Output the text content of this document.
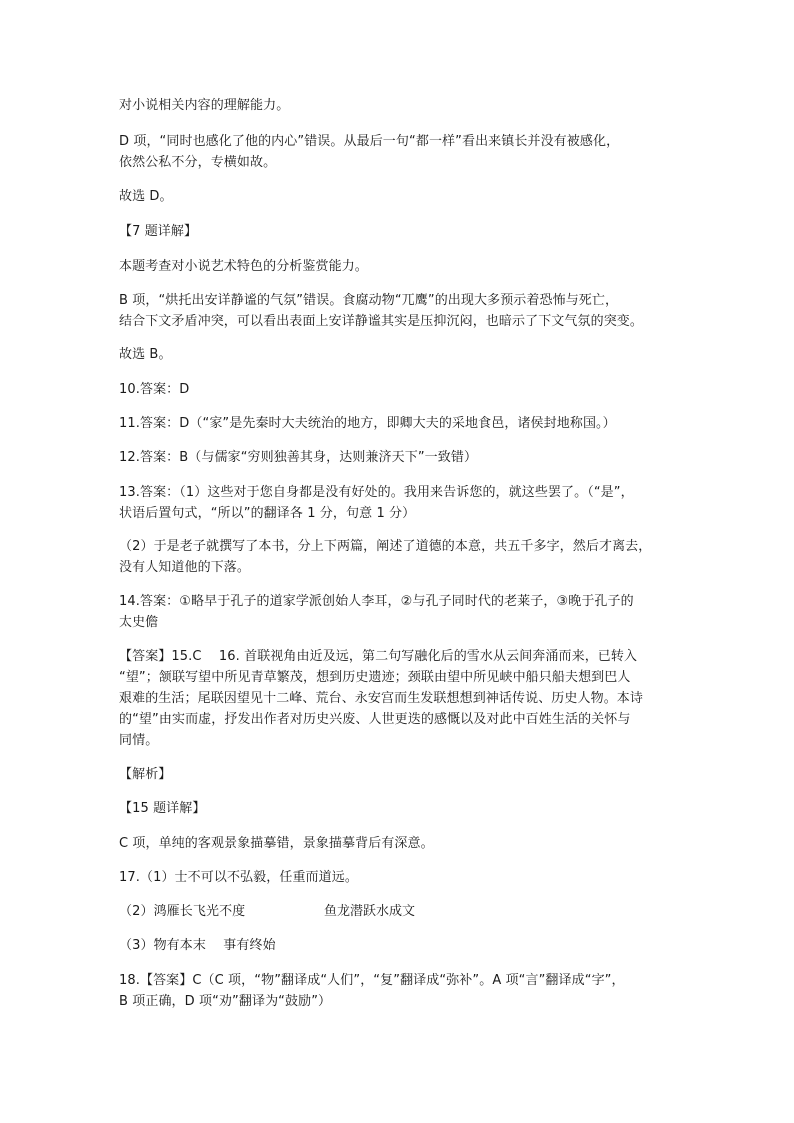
对小说相关内容的理解能力。

D 项，“同时也感化了他的内心”错误。从最后一句“都一样”看出来镇长并没有被感化，

依然公私不分，专横如故。

故选 D。

【7 题详解】

本题考查对小说艺术特色的分析鉴赏能力。

B 项，“烘托出安详静谧的气氛”错误。食腐动物“兀鹰”的出现大多预示着恐怖与死亡，

结合下文矛盾冲突，可以看出表面上安详静谧其实是压抑沉闷，也暗示了下文气氛的突变。

故选 B。

10.答案：D

11.答案：D（“家”是先秦时大夫统治的地方，即卿大夫的采地食邑，诸侯封地称国。）

12.答案：B（与儒家“穷则独善其身，达则兼济天下”一致错）

13.答案：（1）这些对于您自身都是没有好处的。我用来告诉您的，就这些罢了。（“是”，

状语后置句式，“所以”的翻译各 1 分，句意 1 分）

（2）于是老子就撰写了本书，分上下两篇，阐述了道德的本意，共五千多字，然后才离去，

没有人知道他的下落。

14.答案：①略早于孔子的道家学派创始人李耳，②与孔子同时代的老莱子，③晚于孔子的

太史儋

【答案】15.C　 16. 首联视角由近及远，第二句写融化后的雪水从云间奔涌而来，已转入

“望”；颔联写望中所见青草繁茂，想到历史遗迹；颈联由望中所见峡中船只船夫想到巴人

艰难的生活；尾联因望见十二峰、荒台、永安宫而生发联想想到神话传说、历史人物。本诗

的“望”由实而虚，抒发出作者对历史兴废、人世更迭的感慨以及对此中百姓生活的关怀与

同情。

【解析】

【15 题详解】

C 项，单纯的客观景象描摹错，景象描摹背后有深意。

17.（1）士不可以不弘毅，任重而道远。

（2）鸿雁长飞光不度	鱼龙潜跃水成文

（3）物有本末　 事有终始

18.【答案】C（C 项，“物”翻译成“人们”，“复”翻译成“弥补”。A 项“言”翻译成“字”，

B 项正确，D 项“劝”翻译为“鼓励”）
